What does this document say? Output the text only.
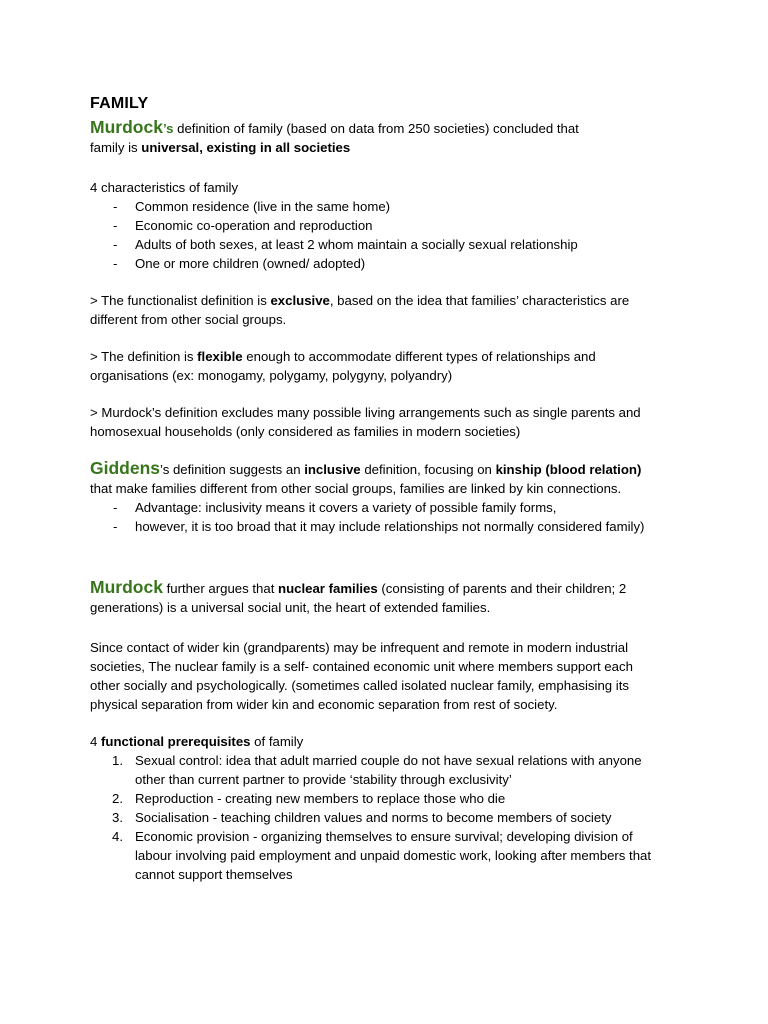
FAMILY

Murdock’s definition of family (based on data from 250 societies) concluded that

family is universal, existing in all societies

4 characteristics of family

- Common residence (live in the same home)
- Economic co-operation and reproduction
- Adults of both sexes, at least 2 whom maintain a socially sexual relationship
- One or more children (owned/ adopted)

> The functionalist definition is exclusive, based on the idea that families’ characteristics are

different from other social groups.

> The definition is flexible enough to accommodate different types of relationships and

organisations (ex: monogamy, polygamy, polygyny, polyandry)

> Murdock’s definition excludes many possible living arrangements such as single parents and

homosexual households (only considered as families in modern societies)

Giddens’s definition suggests an inclusive definition, focusing on kinship (blood relation)

that make families different from other social groups, families are linked by kin connections.

- Advantage: inclusivity means it covers a variety of possible family forms,
- however, it is too broad that it may include relationships not normally considered family)

Murdock further argues that nuclear families (consisting of parents and their children; 2

generations) is a universal social unit, the heart of extended families.

Since contact of wider kin (grandparents) may be infrequent and remote in modern industrial

societies, The nuclear family is a self- contained economic unit where members support each

other socially and psychologically. (sometimes called isolated nuclear family, emphasising its

physical separation from wider kin and economic separation from rest of society.

4 functional prerequisites of family

1. Sexual control: idea that adult married couple do not have sexual relations with anyone

other than current partner to provide ‘stability through exclusivity’

2. Reproduction - creating new members to replace those who die

3. Socialisation - teaching children values and norms to become members of society

4. Economic provision - organizing themselves to ensure survival; developing division of

labour involving paid employment and unpaid domestic work, looking after members that

cannot support themselves
